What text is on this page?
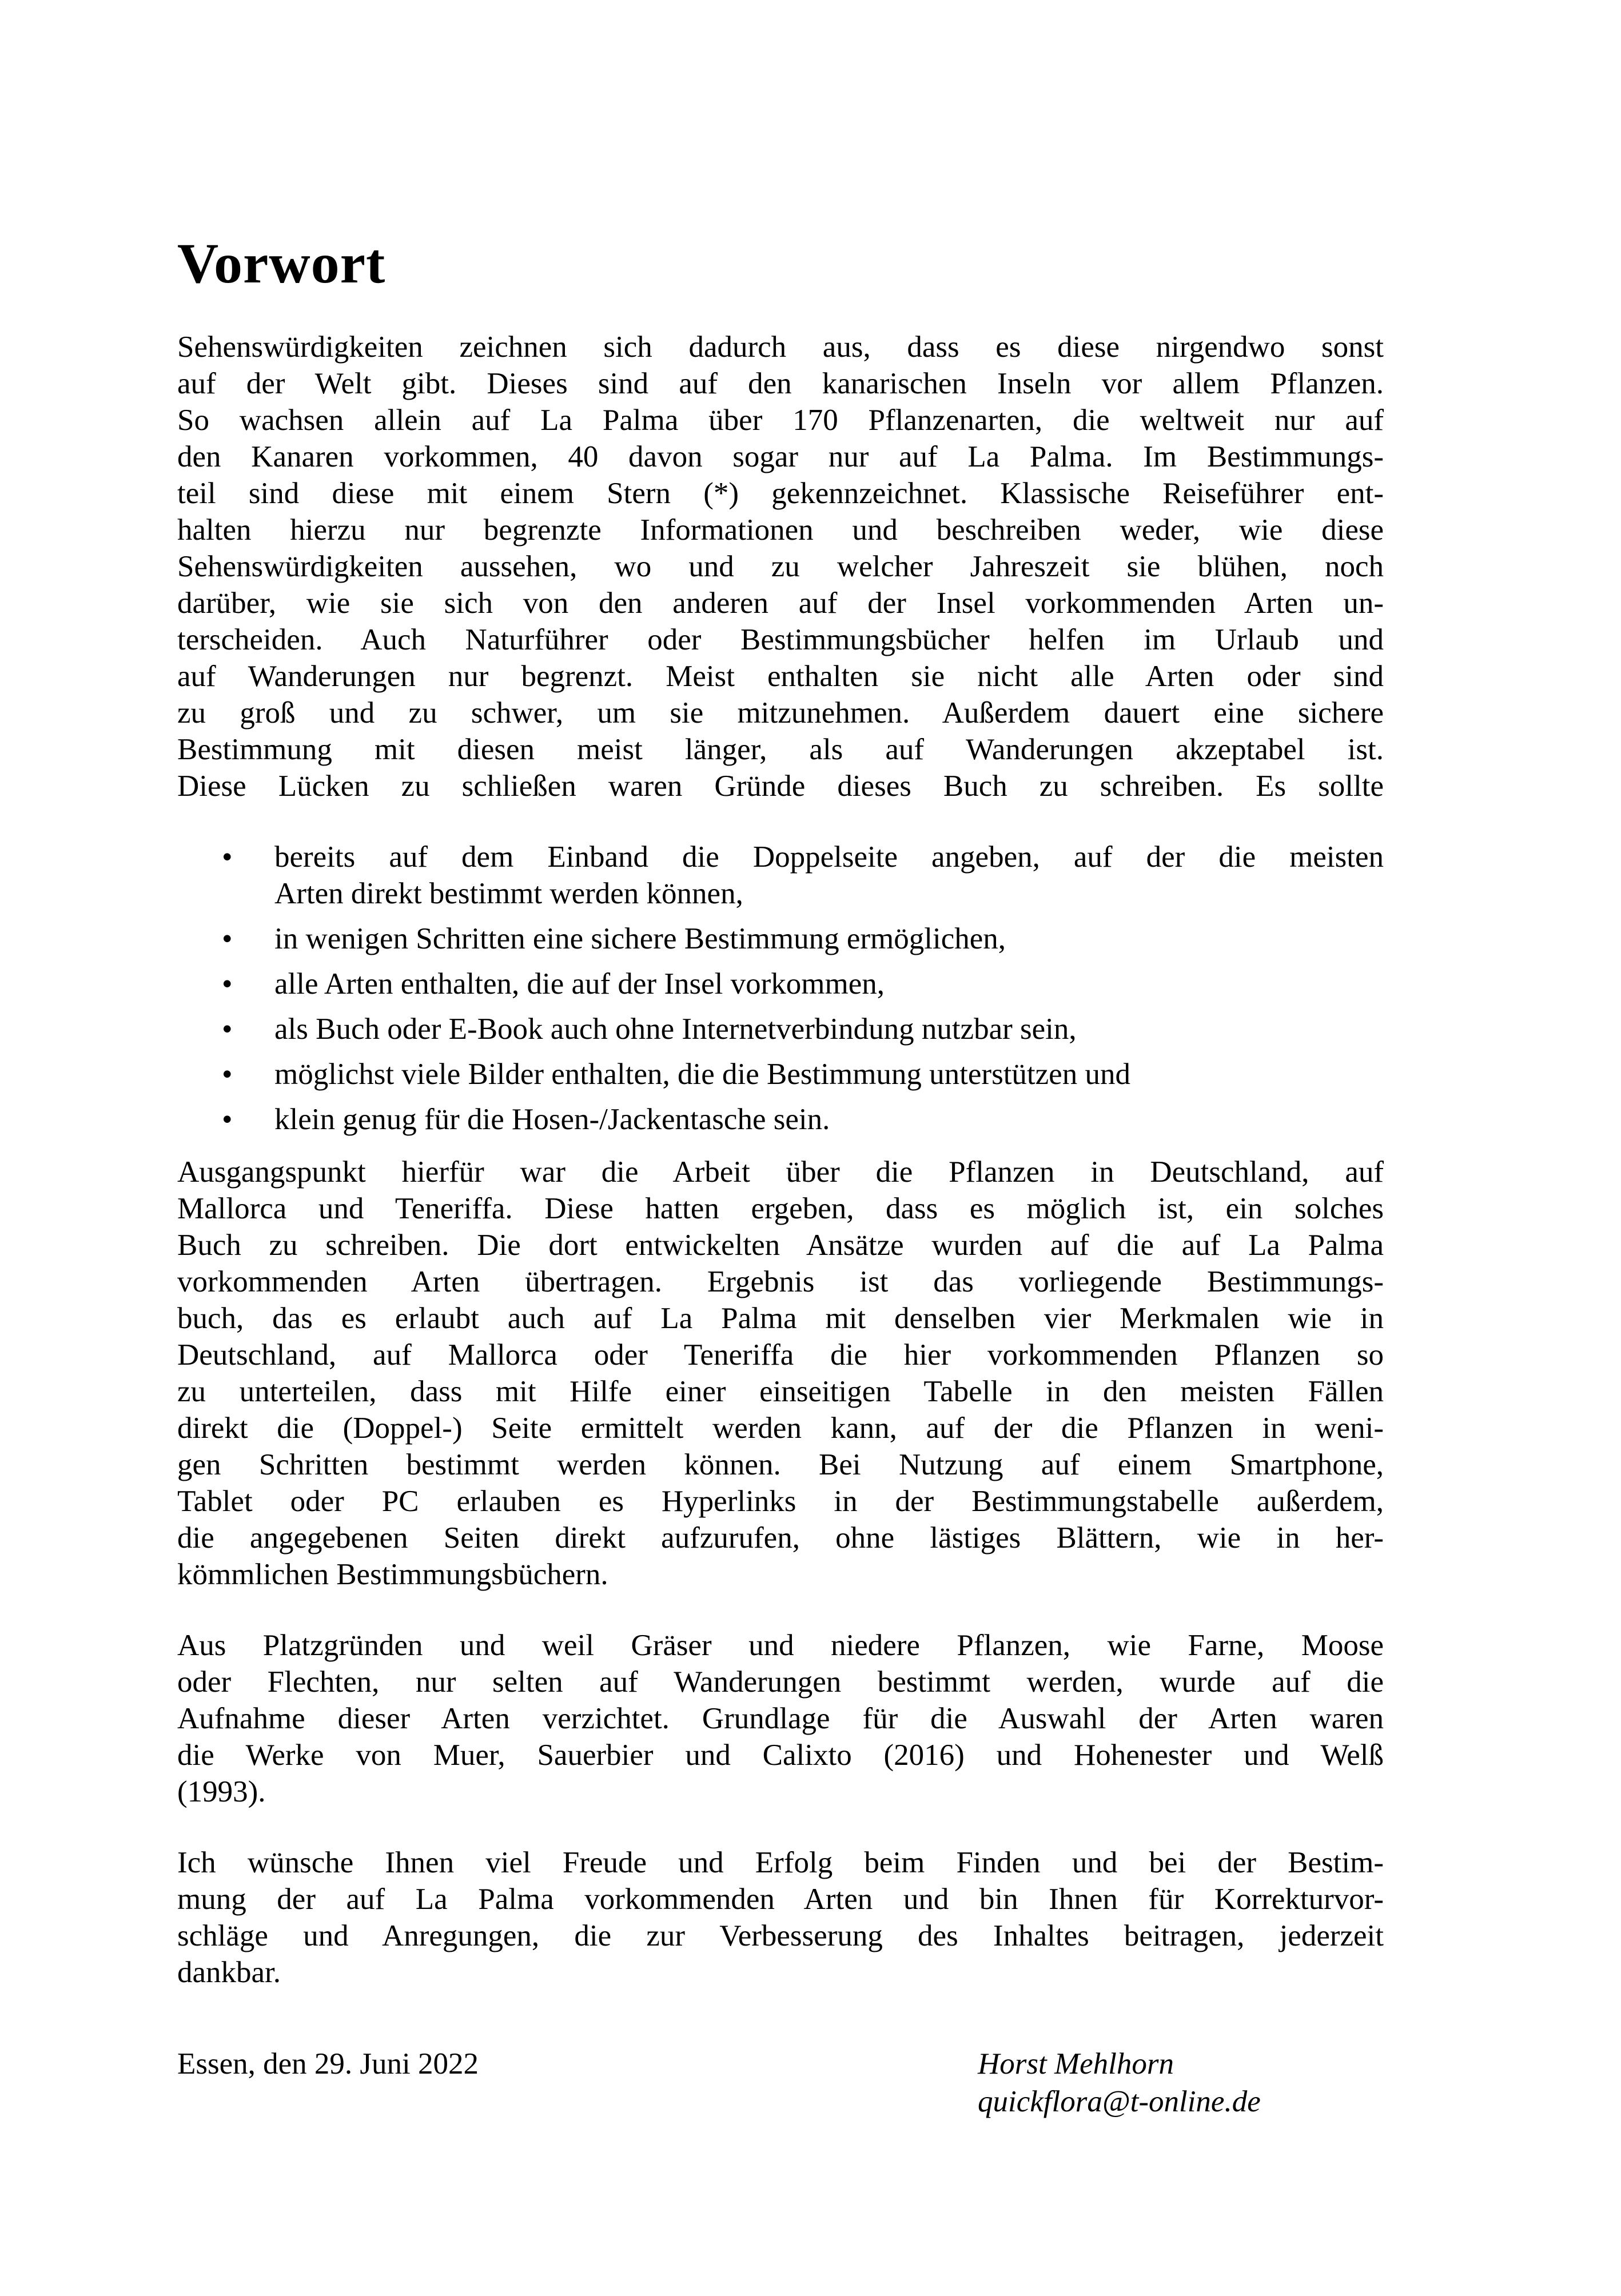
Vorwort
Sehenswürdigkeiten zeichnen sich dadurch aus, dass es diese nirgendwo sonst
auf der Welt gibt. Dieses sind auf den kanarischen Inseln vor allem Pflanzen.
So wachsen allein auf La Palma über 170 Pflanzenarten, die weltweit nur auf
den Kanaren vorkommen, 40 davon sogar nur auf La Palma. Im Bestimmungs-
teil sind diese mit einem Stern (*) gekennzeichnet. Klassische Reiseführer ent-
halten hierzu nur begrenzte Informationen und beschreiben weder, wie diese
Sehenswürdigkeiten aussehen, wo und zu welcher Jahreszeit sie blühen, noch
darüber, wie sie sich von den anderen auf der Insel vorkommenden Arten un-
terscheiden. Auch Naturführer oder Bestimmungsbücher helfen im Urlaub und
auf Wanderungen nur begrenzt. Meist enthalten sie nicht alle Arten oder sind
zu groß und zu schwer, um sie mitzunehmen. Außerdem dauert eine sichere
Bestimmung mit diesen meist länger, als auf Wanderungen akzeptabel ist.
Diese Lücken zu schließen waren Gründe dieses Buch zu schreiben. Es sollte
•	bereits auf dem Einband die Doppelseite angeben, auf der die meisten
Arten direkt bestimmt werden können,
•	in wenigen Schritten eine sichere Bestimmung ermöglichen,
•	alle Arten enthalten, die auf der Insel vorkommen,
•	als Buch oder E-Book auch ohne Internetverbindung nutzbar sein,
•	möglichst viele Bilder enthalten, die die Bestimmung unterstützen und
•	klein genug für die Hosen-/Jackentasche sein.
Ausgangspunkt hierfür war die Arbeit über die Pflanzen in Deutschland, auf
Mallorca und Teneriffa. Diese hatten ergeben, dass es möglich ist, ein solches
Buch zu schreiben. Die dort entwickelten Ansätze wurden auf die auf La Palma
vorkommenden Arten übertragen. Ergebnis ist das vorliegende Bestimmungs-
buch, das es erlaubt auch auf La Palma mit denselben vier Merkmalen wie in
Deutschland, auf Mallorca oder Teneriffa die hier vorkommenden Pflanzen so
zu unterteilen, dass mit Hilfe einer einseitigen Tabelle in den meisten Fällen
direkt die (Doppel-) Seite ermittelt werden kann, auf der die Pflanzen in weni-
gen Schritten bestimmt werden können. Bei Nutzung auf einem Smartphone,
Tablet oder PC erlauben es Hyperlinks in der Bestimmungstabelle außerdem,
die angegebenen Seiten direkt aufzurufen, ohne lästiges Blättern, wie in her-
kömmlichen Bestimmungsbüchern.
Aus Platzgründen und weil Gräser und niedere Pflanzen, wie Farne, Moose
oder Flechten, nur selten auf Wanderungen bestimmt werden, wurde auf die
Aufnahme dieser Arten verzichtet. Grundlage für die Auswahl der Arten waren
die Werke von Muer, Sauerbier und Calixto (2016) und Hohenester und Welß
(1993).
Ich wünsche Ihnen viel Freude und Erfolg beim Finden und bei der Bestim-
mung der auf La Palma vorkommenden Arten und bin Ihnen für Korrekturvor-
schläge und Anregungen, die zur Verbesserung des Inhaltes beitragen, jederzeit
dankbar.
Essen, den 29. Juni 2022	Horst Mehlhorn
quickflora@t-online.de
